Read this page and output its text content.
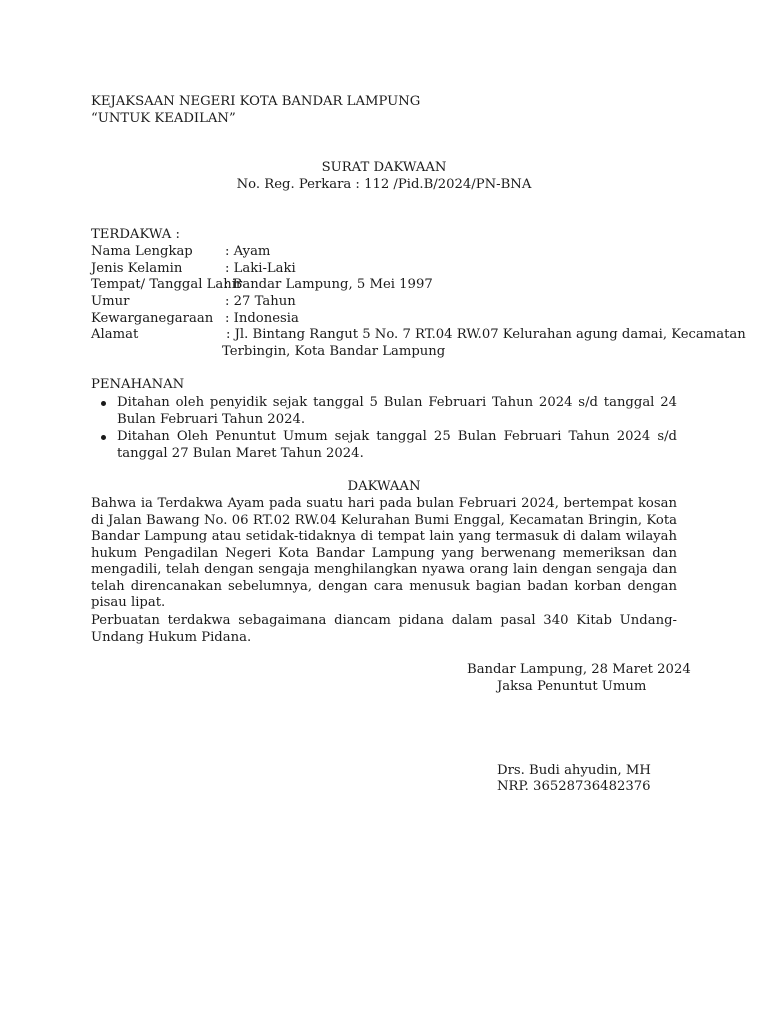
KEJAKSAAN NEGERI KOTA BANDAR LAMPUNG
“UNTUK KEADILAN”
SURAT DAKWAAN
No. Reg. Perkara : 112 /Pid.B/2024/PN-BNA
TERDAKWA :
Nama Lengkap : Ayam
Jenis Kelamin	: Laki-Laki
Tempat/ Tanggal Lahir
: Bandar Lampung, 5 Mei 1997
Umur	: 27 Tahun
Kewarganegaraan : Indonesia
Alamat	: Jl. Bintang Rangut 5 No. 7 RT.04 RW.07 Kelurahan agung damai, Kecamatan
Terbingin, Kota Bandar Lampung
PENAHANAN
Ditahan oleh penyidik sejak tanggal 5 Bulan Februari Tahun 2024 s/d tanggal 24 Bulan Februari Tahun 2024.
Ditahan Oleh Penuntut Umum sejak tanggal 25 Bulan Februari Tahun 2024 s/d tanggal 27 Bulan Maret Tahun 2024.
DAKWAAN
Bahwa ia Terdakwa Ayam pada suatu hari pada bulan Februari 2024, bertempat kosan di Jalan Bawang No. 06 RT.02 RW.04 Kelurahan Bumi Enggal, Kecamatan Bringin, Kota Bandar Lampung atau setidak-tidaknya di tempat lain yang termasuk di dalam wilayah hukum Pengadilan Negeri Kota Bandar Lampung yang berwenang memeriksan dan mengadili, telah dengan sengaja menghilangkan nyawa orang lain dengan sengaja dan telah direncanakan sebelumnya, dengan cara menusuk bagian badan korban dengan pisau lipat.
Perbuatan terdakwa sebagaimana diancam pidana dalam pasal 340 Kitab Undang-Undang Hukum Pidana.
Bandar Lampung, 28 Maret 2024
Jaksa Penuntut Umum
Drs. Budi ahyudin, MH
NRP. 36528736482376
